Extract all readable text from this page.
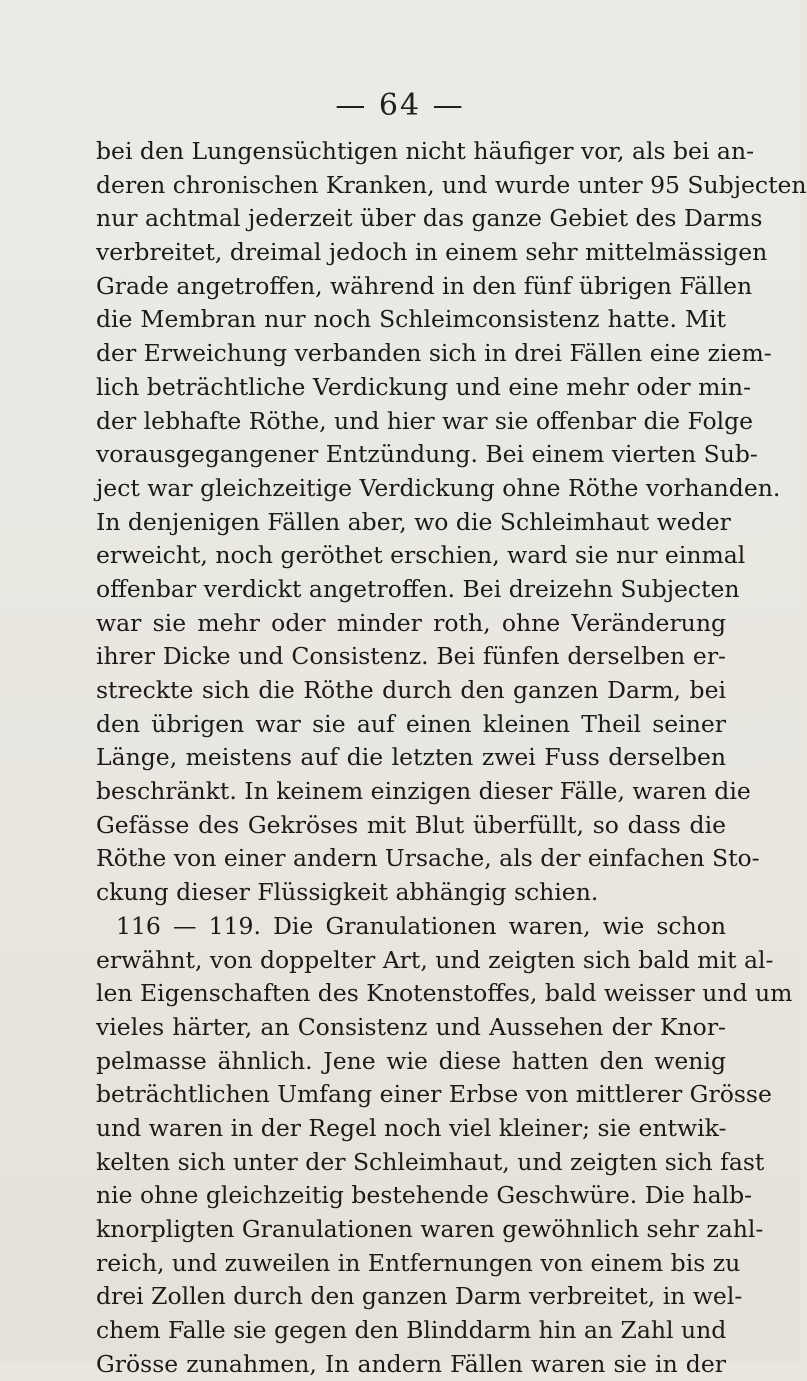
— 64 —
bei den Lungensüchtigen nicht häufiger vor, als bei an-
deren chronischen Kranken, und wurde unter 95 Subjecten
nur achtmal jederzeit über das ganze Gebiet des Darms
verbreitet, dreimal jedoch in einem sehr mittelmässigen
Grade angetroffen, während in den fünf übrigen Fällen
die Membran nur noch Schleimconsistenz hatte. Mit
der Erweichung verbanden sich in drei Fällen eine ziem-
lich beträchtliche Verdickung und eine mehr oder min-
der lebhafte Röthe, und hier war sie offenbar die Folge
vorausgegangener Entzündung. Bei einem vierten Sub-
ject war gleichzeitige Verdickung ohne Röthe vorhanden.
In denjenigen Fällen aber, wo die Schleimhaut weder
erweicht, noch geröthet erschien, ward sie nur einmal
offenbar verdickt angetroffen. Bei dreizehn Subjecten
war sie mehr oder minder roth, ohne Veränderung
ihrer Dicke und Consistenz. Bei fünfen derselben er-
streckte sich die Röthe durch den ganzen Darm, bei
den übrigen war sie auf einen kleinen Theil seiner
Länge, meistens auf die letzten zwei Fuss derselben
beschränkt. In keinem einzigen dieser Fälle, waren die
Gefässe des Gekröses mit Blut überfüllt, so dass die
Röthe von einer andern Ursache, als der einfachen Sto-
ckung dieser Flüssigkeit abhängig schien.
116 — 119. Die Granulationen waren, wie schon
erwähnt, von doppelter Art, und zeigten sich bald mit al-
len Eigenschaften des Knotenstoffes, bald weisser und um
vieles härter, an Consistenz und Aussehen der Knor-
pelmasse ähnlich. Jene wie diese hatten den wenig
beträchtlichen Umfang einer Erbse von mittlerer Grösse
und waren in der Regel noch viel kleiner; sie entwik-
kelten sich unter der Schleimhaut, und zeigten sich fast
nie ohne gleichzeitig bestehende Geschwüre. Die halb-
knorpligten Granulationen waren gewöhnlich sehr zahl-
reich, und zuweilen in Entfernungen von einem bis zu
drei Zollen durch den ganzen Darm verbreitet, in wel-
chem Falle sie gegen den Blinddarm hin an Zahl und
Grösse zunahmen, In andern Fällen waren sie in der
